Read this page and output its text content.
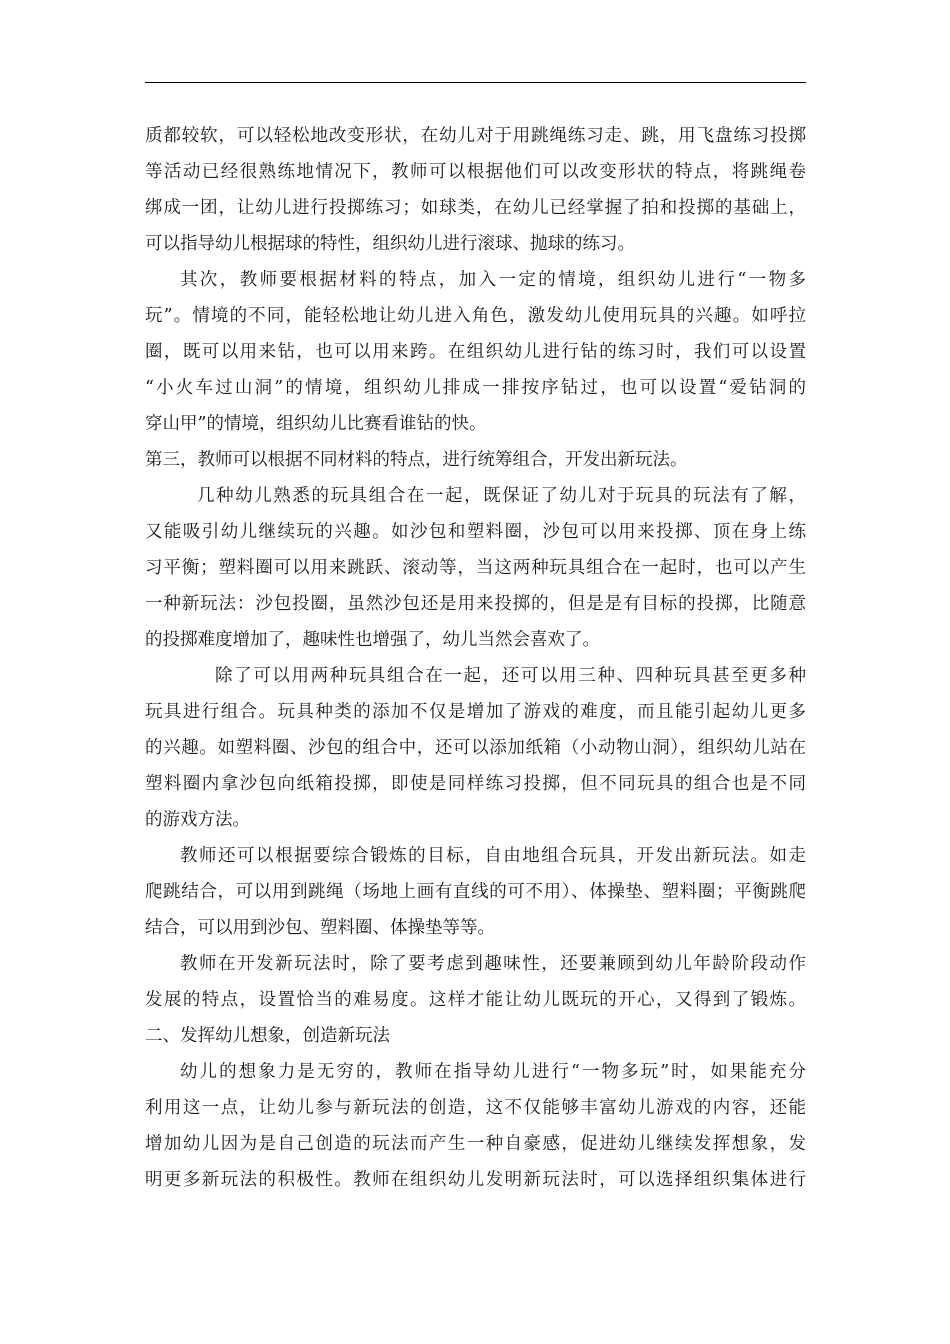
质都较软，可以轻松地改变形状，在幼儿对于用跳绳练习走、跳，用飞盘练习投掷
等活动已经很熟练地情况下，教师可以根据他们可以改变形状的特点，将跳绳卷
绑成一团，让幼儿进行投掷练习；如球类，在幼儿已经掌握了拍和投掷的基础上，
可以指导幼儿根据球的特性，组织幼儿进行滚球、抛球的练习。
其次，教师要根据材料的特点，加入一定的情境，组织幼儿进行“一物多
玩”。情境的不同，能轻松地让幼儿进入角色，激发幼儿使用玩具的兴趣。如呼拉
圈，既可以用来钻，也可以用来跨。在组织幼儿进行钻的练习时，我们可以设置
“小火车过山洞”的情境，组织幼儿排成一排按序钻过，也可以设置“爱钻洞的
穿山甲”的情境，组织幼儿比赛看谁钻的快。
第三，教师可以根据不同材料的特点，进行统筹组合，开发出新玩法。
几种幼儿熟悉的玩具组合在一起，既保证了幼儿对于玩具的玩法有了解，
又能吸引幼儿继续玩的兴趣。如沙包和塑料圈，沙包可以用来投掷、顶在身上练
习平衡；塑料圈可以用来跳跃、滚动等，当这两种玩具组合在一起时，也可以产生
一种新玩法：沙包投圈，虽然沙包还是用来投掷的，但是是有目标的投掷，比随意
的投掷难度增加了，趣味性也增强了，幼儿当然会喜欢了。
除了可以用两种玩具组合在一起，还可以用三种、四种玩具甚至更多种
玩具进行组合。玩具种类的添加不仅是增加了游戏的难度，而且能引起幼儿更多
的兴趣。如塑料圈、沙包的组合中，还可以添加纸箱（小动物山洞），组织幼儿站在
塑料圈内拿沙包向纸箱投掷，即使是同样练习投掷，但不同玩具的组合也是不同
的游戏方法。
教师还可以根据要综合锻炼的目标，自由地组合玩具，开发出新玩法。如走
爬跳结合，可以用到跳绳（场地上画有直线的可不用）、体操垫、塑料圈；平衡跳爬
结合，可以用到沙包、塑料圈、体操垫等等。
教师在开发新玩法时，除了要考虑到趣味性，还要兼顾到幼儿年龄阶段动作
发展的特点，设置恰当的难易度。这样才能让幼儿既玩的开心，又得到了锻炼。
二、发挥幼儿想象，创造新玩法
幼儿的想象力是无穷的，教师在指导幼儿进行“一物多玩”时，如果能充分
利用这一点，让幼儿参与新玩法的创造，这不仅能够丰富幼儿游戏的内容，还能
增加幼儿因为是自己创造的玩法而产生一种自豪感，促进幼儿继续发挥想象，发
明更多新玩法的积极性。教师在组织幼儿发明新玩法时，可以选择组织集体进行
